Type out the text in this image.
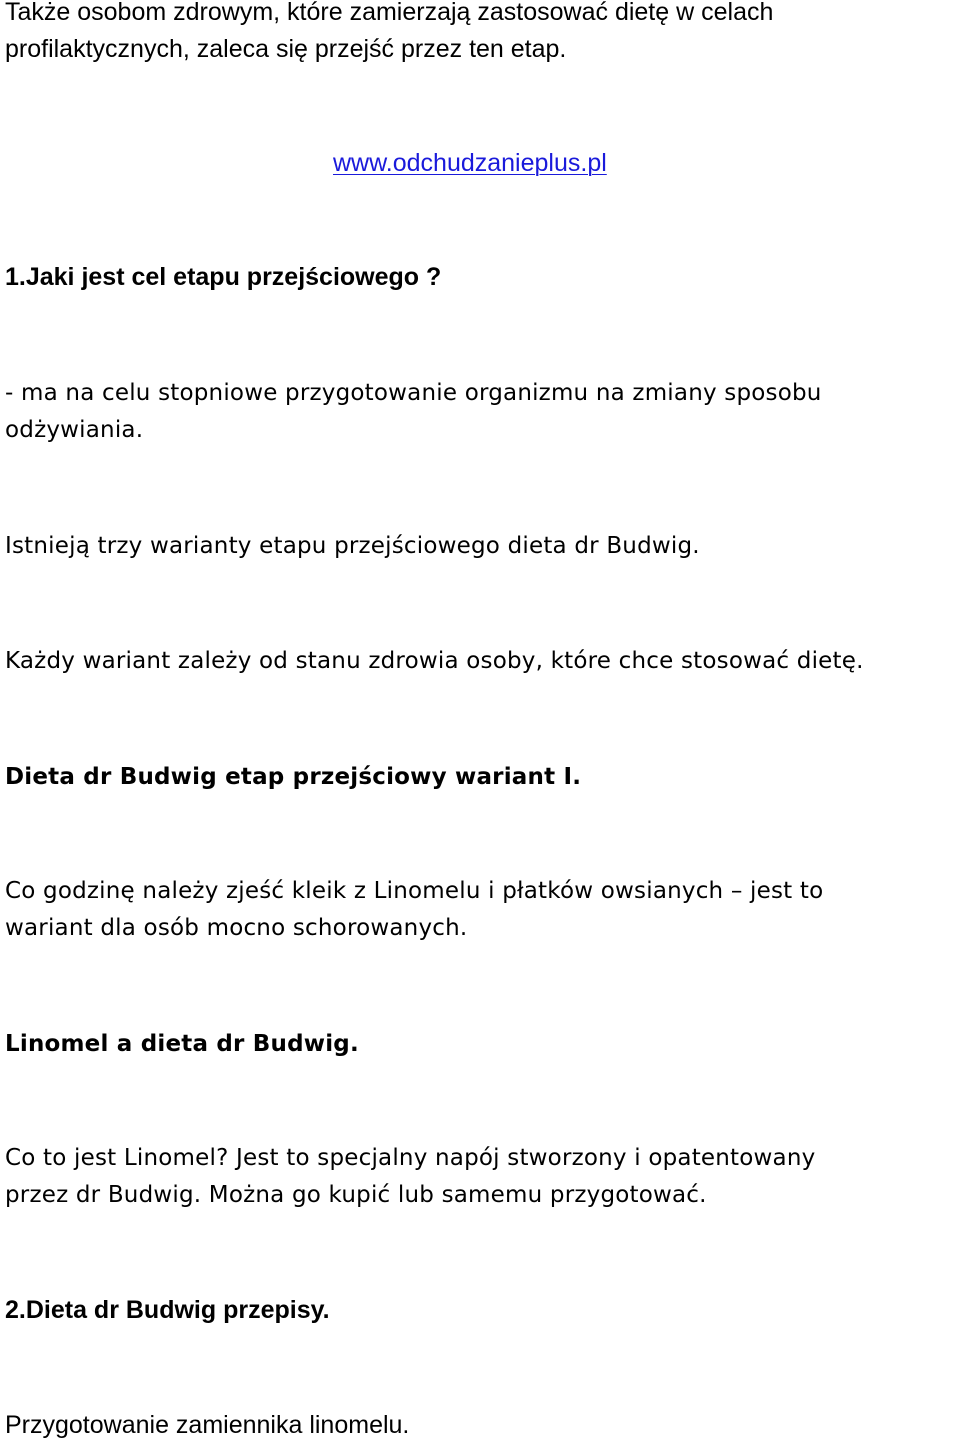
Także osobom zdrowym, które zamierzają zastosować dietę w celach
profilaktycznych, zaleca się przejść przez ten etap.

www.odchudzanieplus.pl

1.Jaki jest cel etapu przejściowego ?

- ma na celu stopniowe przygotowanie organizmu na zmiany sposobu
odżywiania.

Istnieją trzy warianty etapu przejściowego dieta dr Budwig.

Każdy wariant zależy od stanu zdrowia osoby, które chce stosować dietę.

Dieta dr Budwig etap przejściowy wariant I.

Co godzinę należy zjeść kleik z Linomelu i płatków owsianych – jest to
wariant dla osób mocno schorowanych.

Linomel a dieta dr Budwig.

Co to jest Linomel? Jest to specjalny napój stworzony i opatentowany
przez dr Budwig. Można go kupić lub samemu przygotować.

2.Dieta dr Budwig przepisy.

Przygotowanie zamiennika linomelu.
